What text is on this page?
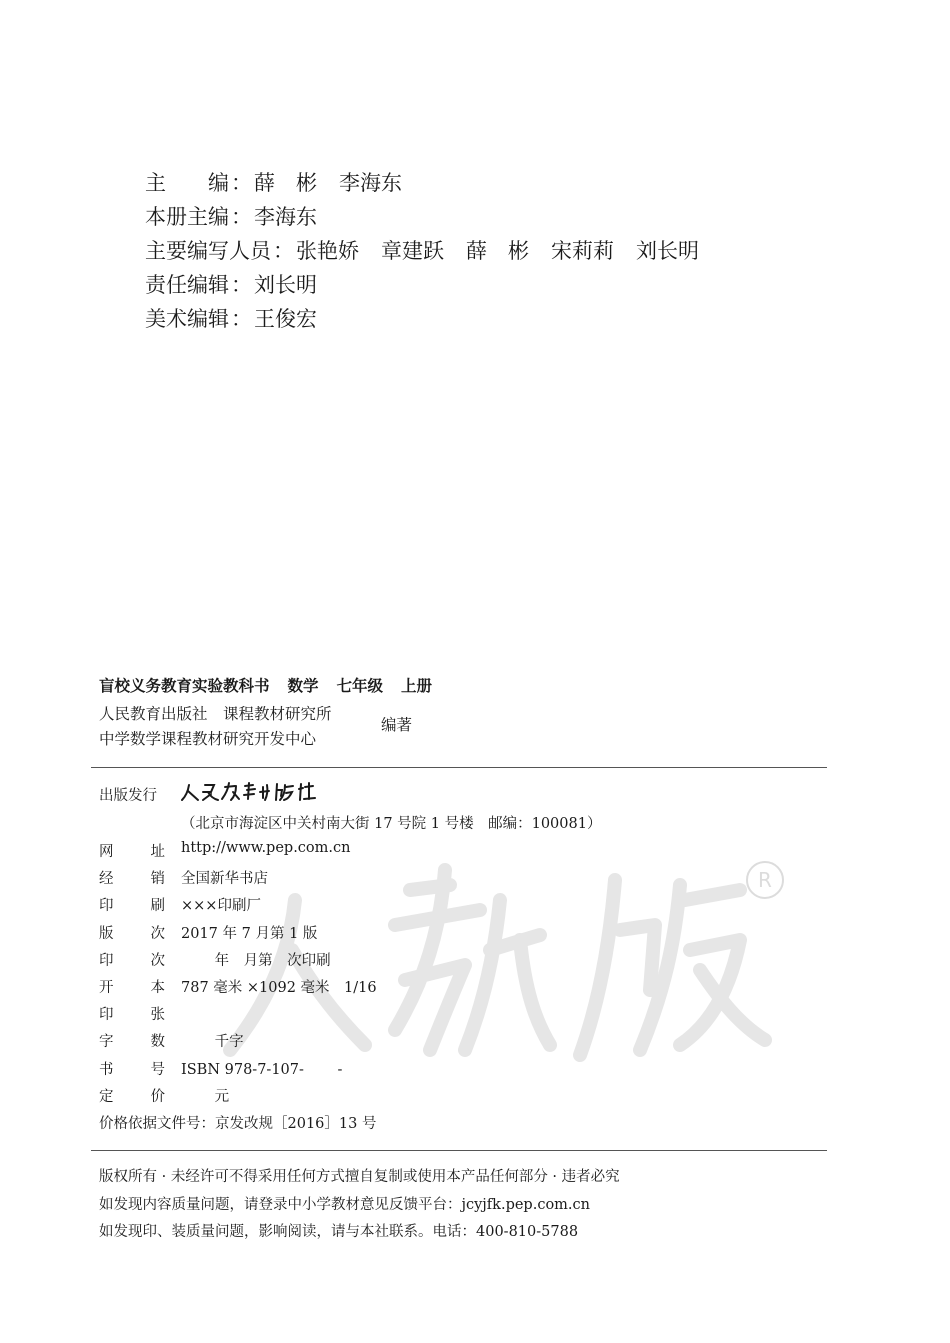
主　　编：薛　彬 李海东
本册主编：李海东
主要编写人员：张艳娇 章建跃 薛　彬 宋莉莉 刘长明
责任编辑：刘长明
美术编辑：王俊宏
R
盲校义务教育实验教科书 数学 七年级 上册
人民教育出版社　课程教材研究所
中学数学课程教材研究开发中心
编著
出版发行
（北京市海淀区中关村南大街 17 号院 1 号楼　邮编：100081）
网	址 http://www.pep.com.cn
经	销 全国新华书店
印	刷 ×××印刷厂
版	次 2017 年 7 月第 1 版
印	次 　　 年　月第　次印刷
开	本 787 毫米 ×1092 毫米　1/16
印	张
字	数 　　 千字
书	号 ISBN 978-7-107-　　 -
定	价 　　 元
价格依据文件号：京发改规［2016］13 号
版权所有 · 未经许可不得采用任何方式擅自复制或使用本产品任何部分 · 违者必究
如发现内容质量问题，请登录中小学教材意见反馈平台：jcyjfk.pep.com.cn
如发现印、装质量问题，影响阅读，请与本社联系。电话：400-810-5788
